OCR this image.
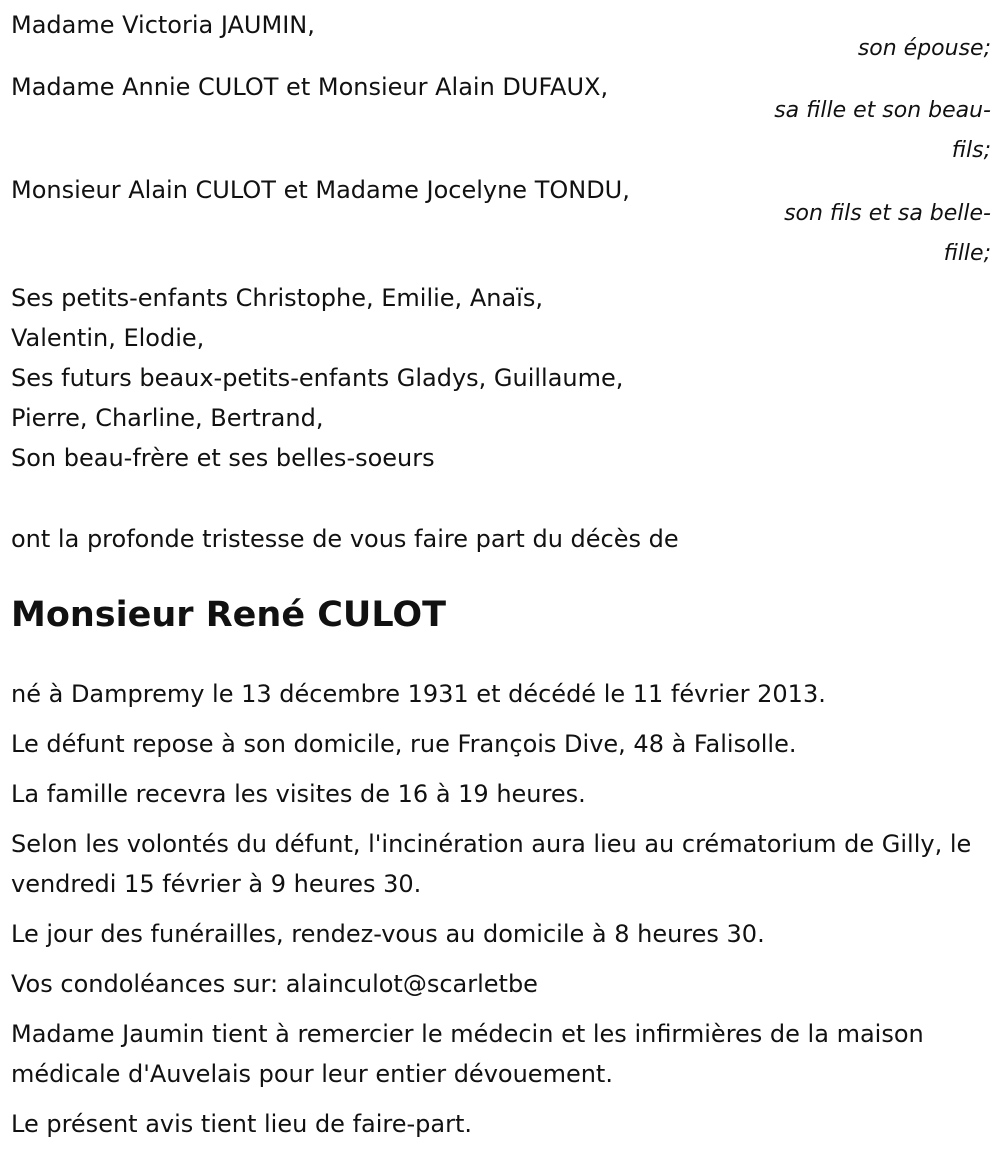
Madame Victoria JAUMIN,
son épouse;
Madame Annie CULOT et Monsieur Alain DUFAUX,
sa fille et son beau-fils;
Monsieur Alain CULOT et Madame Jocelyne TONDU,
son fils et sa belle-fille;
Ses petits-enfants Christophe, Emilie, Anaïs,
Valentin, Elodie,
Ses futurs beaux-petits-enfants Gladys, Guillaume,
Pierre, Charline, Bertrand,
Son beau-frère et ses belles-soeurs
ont la profonde tristesse de vous faire part du décès de
Monsieur René CULOT

né à Dampremy le 13 décembre 1931 et décédé le 11 février 2013.

Le défunt repose à son domicile, rue François Dive, 48 à Falisolle.

La famille recevra les visites de 16 à 19 heures.

Selon les volontés du défunt, l'incinération aura lieu au crématorium de Gilly, le vendredi 15 février à 9 heures 30.

Le jour des funérailles, rendez-vous au domicile à 8 heures 30.

Vos condoléances sur: alainculot@scarletbe

Madame Jaumin tient à remercier le médecin et les infirmières de la maison médicale d'Auvelais pour leur entier dévouement.

Le présent avis tient lieu de faire-part.
